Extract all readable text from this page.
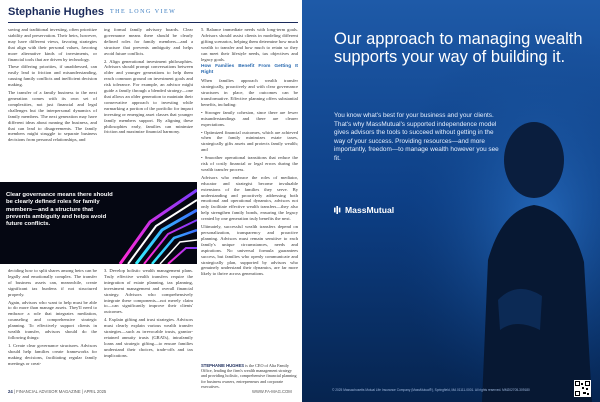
Stephanie Hughes THE LONG VIEW

saving and traditional investing, often prioritize stability and preservation. Their heirs, however, may have different views, favoring strategies that align with their personal values, favoring more alternative kinds of investments, or financial tools that are driven by technology.

These differing priorities, if unaddressed, can easily lead to friction and misunderstanding, causing family conflicts and inefficient decision making.

The transfer of a family business to the next generation comes with its own set of complexities, not just financial and legal challenges but the interpersonal dynamics of family members. The next generation may have different ideas about running the business, and that can lead to disagreements. The family members might struggle to separate business decisions from personal relationships, and

ing formal family advisory boards. Clear governance means there should be clearly defined roles for family members—and a structure that prevents ambiguity and helps avoid future conflicts.

2. Align generational investment philosophies. Advisors should prompt conversations between older and younger generations to help them reach common ground on investment goals and risk tolerance. For example, an advisor might guide a family through a blended strategy—one that allows an older generation to maintain their conservative approach to investing while earmarking a portion of the portfolio for impact investing or emerging asset classes that younger family members support. By aligning these philosophies early, families can minimize friction and maximize financial harmony.

5. Balance immediate needs with long-term goals. Advisors should assist clients in modeling different gifting scenarios, helping them determine how much wealth to transfer and how much to retain so they can meet their lifestyle needs, tax objectives and legacy goals.

How Families Benefit From Getting It Right

When families approach wealth transfer strategically, proactively and with clear governance structures in place, the outcomes can be transformative. Effective planning offers substantial benefits, including:

• Stronger family cohesion, since there are fewer misunderstandings and there are clearer expectations.

• Optimized financial outcomes, which are achieved when the family minimizes estate taxes, strategically gifts assets and protects family wealth; and

• Smoother operational transitions that reduce the risk of costly financial or legal errors during the wealth transfer process.

Advisors who embrace the roles of mediator, educator and strategist become invaluable extensions of the families they serve. By understanding and proactively addressing both emotional and operational dynamics, advisors not only facilitate effective wealth transfers—they also help strengthen family bonds, ensuring the legacy created by one generation truly benefits the next.

Ultimately, successful wealth transfers depend on personalization, transparency and proactive planning. Advisors must remain sensitive to each family's unique circumstances, needs and aspirations. No universal formula guarantees success, but families who openly communicate and strategically plan, supported by advisors who genuinely understand their dynamics, are far more likely to thrive across generations.

Clear governance means there should be clearly defined roles for family members—and a structure that prevents ambiguity and helps avoid future conflicts.

deciding how to split shares among heirs can be legally and emotionally complex. The transfer of business assets can, meanwhile, create significant tax burdens if not structured properly.

Again, advisors who want to help must be able to do more than manage assets. They'll need to embrace a role that integrates mediation, counseling and comprehensive strategic planning. To effectively support clients in wealth transfer, advisors should do the following things:

1. Create clear governance structures. Advisors should help families create frameworks for making decisions, facilitating regular family meetings or creat-

3. Develop holistic wealth management plans. Truly effective wealth transfers require the integration of estate planning, tax planning, investment management and overall financial strategy. Advisors who comprehensively integrate these components—not merely claim to—can significantly improve their clients' outcomes.

4. Explain gifting and trust strategies. Advisors must clearly explain various wealth transfer strategies—such as irrevocable trusts, grantor-retained annuity trusts (GRATs), intrafamily loans and strategic gifting—to ensure families understand their choices, trade-offs and tax implications.

STEPHANIE HUGHES is the CEO of Alta Family Office, leading the firm's wealth management strategy and providing holistic, comprehensive financial planning for business owners, entrepreneurs and corporate executives.
24 | FINANCIAL ADVISOR MAGAZINE | APRIL 2025	WWW.FA-MAG.COM
Our approach to managing wealth supports your way of building it.
You know what's best for your business and your clients. That's why MassMutual's supported independence model gives advisors the tools to succeed without getting in the way of your success. Providing resources—and more importantly, freedom—to manage wealth however you see fit.
MassMutual
© 2025 Massachusetts Mutual Life Insurance Company (MassMutual®), Springfield, MA 01111-0001. All rights reserved. MM202705-309180
